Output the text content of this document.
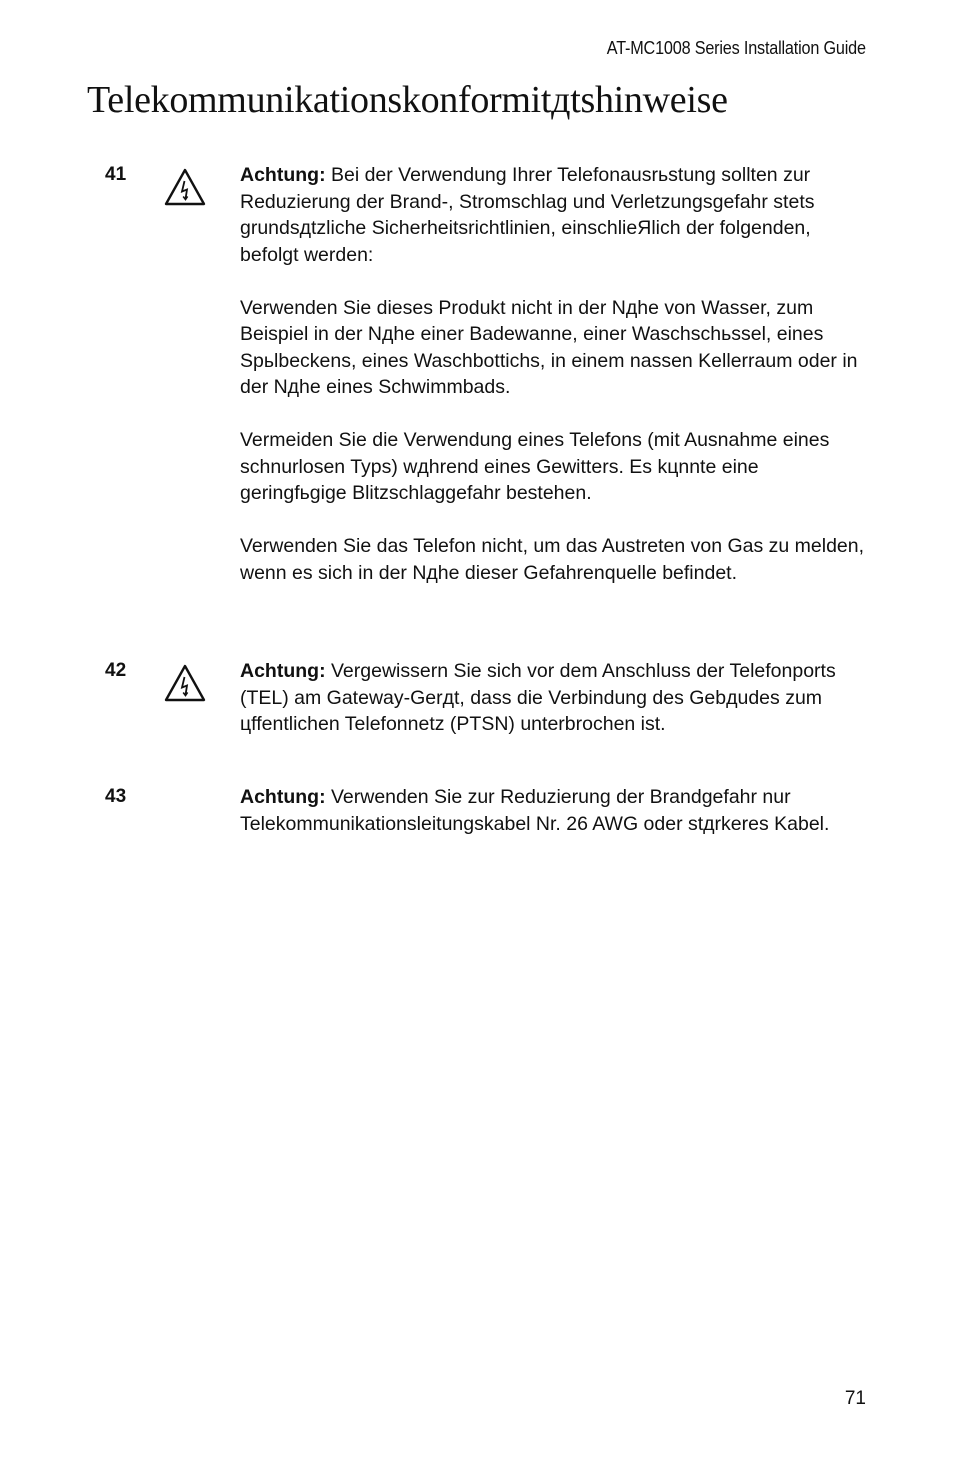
AT-MC1008 Series Installation Guide
Telekommunikationskonformitдtshinweise
41	Achtung: Bei der Verwendung Ihrer Telefonausrьstung sollten zur Reduzierung der Brand-, Stromschlag und Verletzungsgefahr stets grundsдtzliche Sicherheitsrichtlinien, einschlieЯlich der folgenden, befolgt werden:

Verwenden Sie dieses Produkt nicht in der Nдhe von Wasser, zum Beispiel in der Nдhe einer Badewanne, einer Waschschьssel, eines Spьlbeckens, eines Waschbottichs, in einem nassen Kellerraum oder in der Nдhe eines Schwimmbads.

Vermeiden Sie die Verwendung eines Telefons (mit Ausnahme eines schnurlosen Typs) wдhrend eines Gewitters. Es kцnnte eine geringfьgige Blitzschlaggefahr bestehen.

Verwenden Sie das Telefon nicht, um das Austreten von Gas zu melden, wenn es sich in der Nдhe dieser Gefahrenquelle befindet.

42	Achtung: Vergewissern Sie sich vor dem Anschluss der Telefonports (TEL) am Gateway-Gerдt, dass die Verbindung des Gebдudes zum цffentlichen Telefonnetz (PTSN) unterbrochen ist.

43	Achtung: Verwenden Sie zur Reduzierung der Brandgefahr nur Telekommunikationsleitungskabel Nr. 26 AWG oder stдrkeres Kabel.

71
